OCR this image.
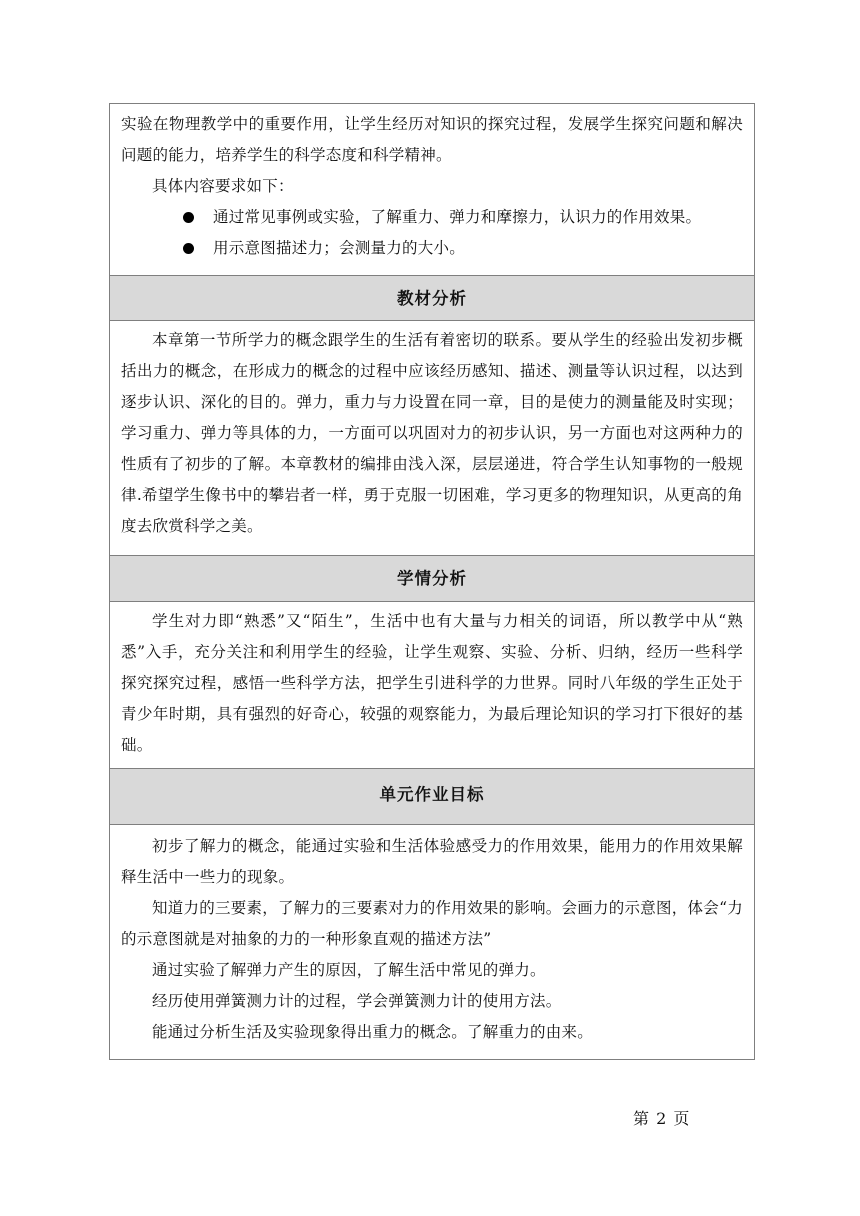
实验在物理教学中的重要作用，让学生经历对知识的探究过程，发展学生探究问题和解决问题的能力，培养学生的科学态度和科学精神。

具体内容要求如下：

通过常见事例或实验，了解重力、弹力和摩擦力，认识力的作用效果。
用示意图描述力；会测量力的大小。
教材分析

本章第一节所学力的概念跟学生的生活有着密切的联系。要从学生的经验出发初步概括出力的概念，在形成力的概念的过程中应该经历感知、描述、测量等认识过程，以达到逐步认识、深化的目的。弹力，重力与力设置在同一章，目的是使力的测量能及时实现；学习重力、弹力等具体的力，一方面可以巩固对力的初步认识，另一方面也对这两种力的性质有了初步的了解。本章教材的编排由浅入深，层层递进，符合学生认知事物的一般规律.希望学生像书中的攀岩者一样，勇于克服一切困难，学习更多的物理知识，从更高的角度去欣赏科学之美。

学情分析

学生对力即“熟悉”又“陌生”，生活中也有大量与力相关的词语，所以教学中从“熟悉”入手，充分关注和利用学生的经验，让学生观察、实验、分析、归纳，经历一些科学探究探究过程，感悟一些科学方法，把学生引进科学的力世界。同时八年级的学生正处于青少年时期，具有强烈的好奇心，较强的观察能力，为最后理论知识的学习打下很好的基础。

单元作业目标

初步了解力的概念，能通过实验和生活体验感受力的作用效果，能用力的作用效果解释生活中一些力的现象。

知道力的三要素，了解力的三要素对力的作用效果的影响。会画力的示意图，体会“力的示意图就是对抽象的力的一种形象直观的描述方法”

通过实验了解弹力产生的原因，了解生活中常见的弹力。

经历使用弹簧测力计的过程，学会弹簧测力计的使用方法。

能通过分析生活及实验现象得出重力的概念。了解重力的由来。

第 2 页
